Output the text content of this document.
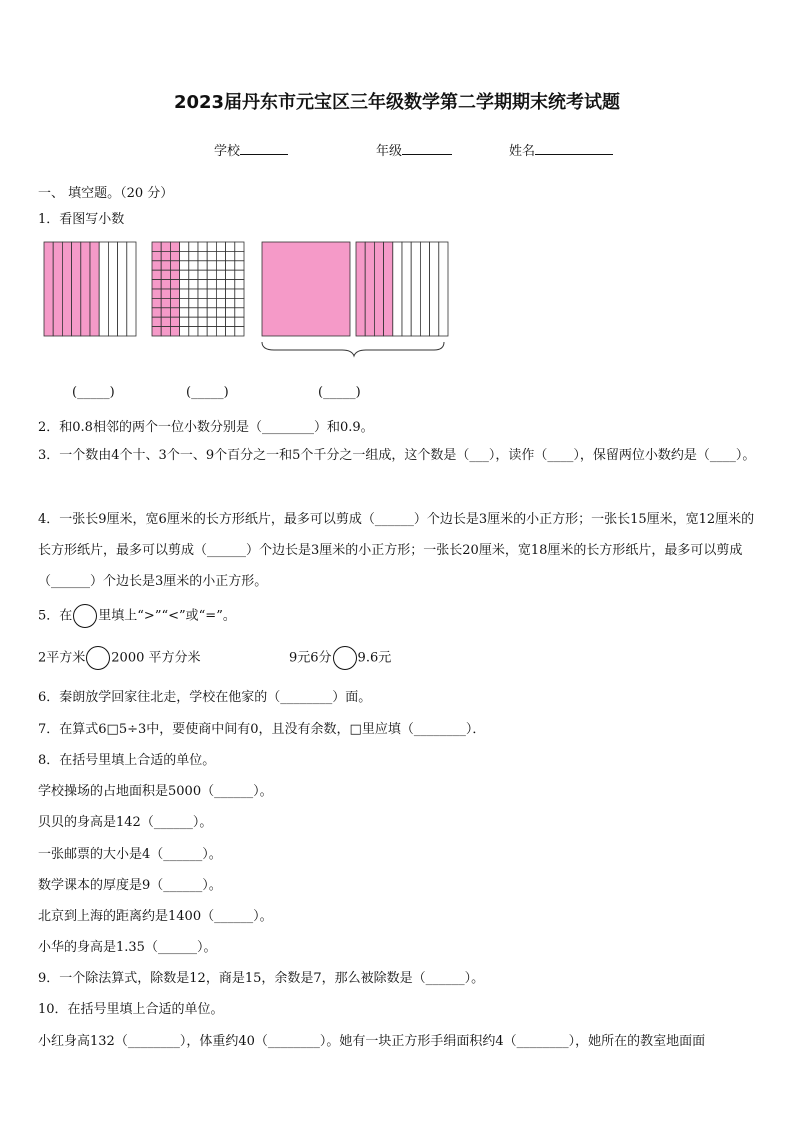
2023届丹东市元宝区三年级数学第二学期期末统考试题
学校	年级	姓名
一、 填空题。（20 分）
1．看图写小数
(_____)	(_____)	(_____)
2．和0.8相邻的两个一位小数分别是（________）和0.9。
3．一个数由4个十、3个一、9个百分之一和5个千分之一组成，这个数是（___），读作（____），保留两位小数约是（____）。
4．一张长9厘米，宽6厘米的长方形纸片，最多可以剪成（______）个边长是3厘米的小正方形；一张长15厘米，宽12厘米的长方形纸片，最多可以剪成（______）个边长是3厘米的小正方形；一张长20厘米，宽18厘米的长方形纸片，最多可以剪成（______）个边长是3厘米的小正方形。
5．在 里填上“>”“<”或“=”。
2平方米 2000 平方分米	9元6分 9.6元
6．秦朗放学回家往北走，学校在他家的（________）面。
7．在算式6□5÷3中，要使商中间有0，且没有余数，□里应填（________）．
8．在括号里填上合适的单位。
学校操场的占地面积是5000（______）。
贝贝的身高是142（______）。
一张邮票的大小是4（______）。
数学课本的厚度是9（______）。
北京到上海的距离约是1400（______）。
小华的身高是1.35（______）。
9．一个除法算式，除数是12，商是15，余数是7，那么被除数是（______）。
10．在括号里填上合适的单位。
小红身高132（________），体重约40（________）。她有一块正方形手绢面积约4（________），她所在的教室地面面
